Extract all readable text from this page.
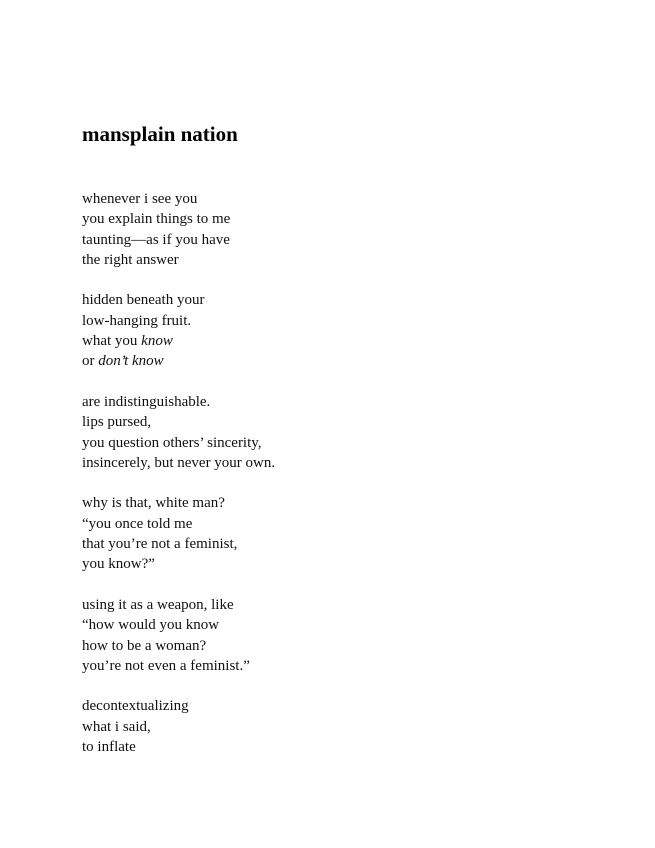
mansplain nation
whenever i see you
you explain things to me
taunting—as if you have
the right answer
hidden beneath your
low-hanging fruit.
what you know
or don’t know
are indistinguishable.
lips pursed,
you question others’ sincerity,
insincerely, but never your own.
why is that, white man?
“you once told me
that you’re not a feminist,
you know?”
using it as a weapon, like
“how would you know
how to be a woman?
you’re not even a feminist.”
decontextualizing
what i said,
to inflate
